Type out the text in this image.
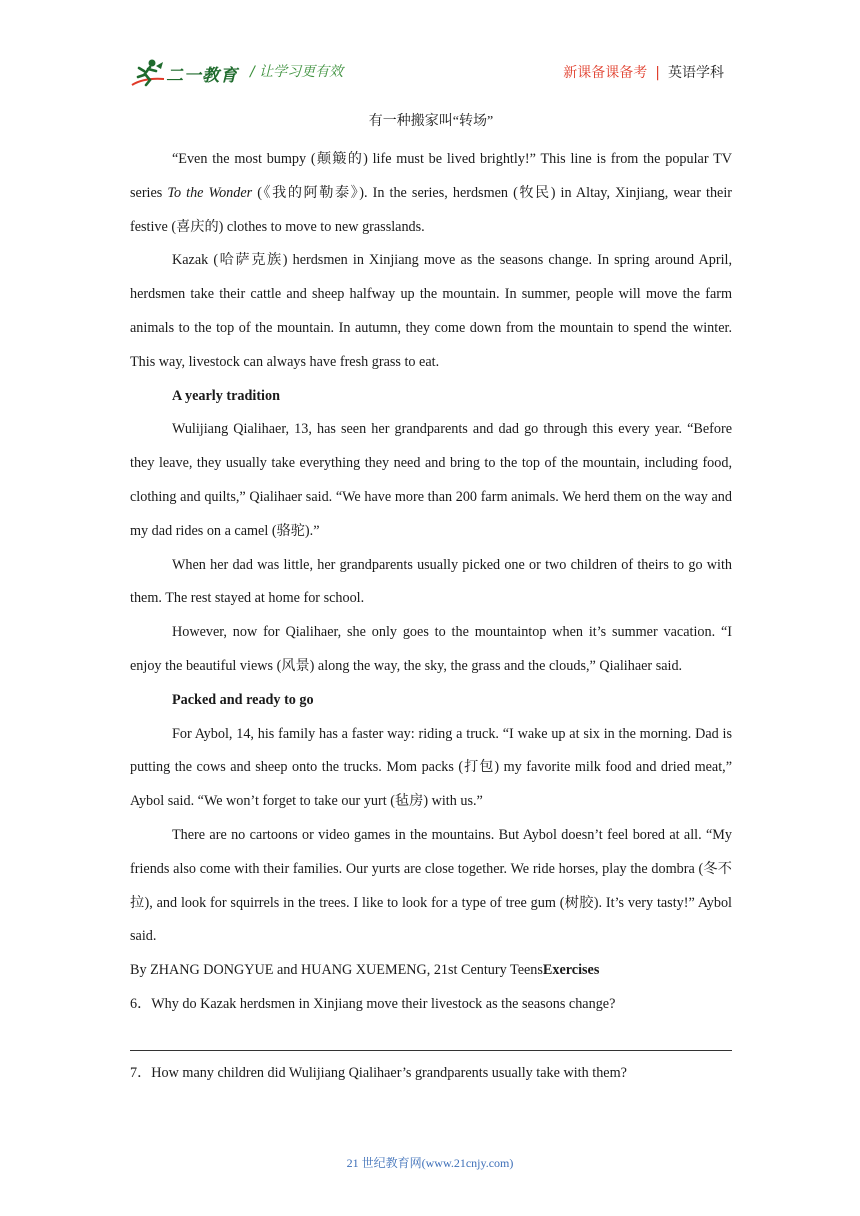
二一教育 / 让学习更有效	新课备课备考 | 英语学科
有一种搬家叫“转场”

“Even the most bumpy (颠簸的) life must be lived brightly!” This line is from the popular TV series To the Wonder (《我的阿勒泰》). In the series, herdsmen (牧民) in Altay, Xinjiang, wear their festive (喜庆的) clothes to move to new grasslands.

Kazak (哈萨克族) herdsmen in Xinjiang move as the seasons change. In spring around April, herdsmen take their cattle and sheep halfway up the mountain. In summer, people will move the farm animals to the top of the mountain. In autumn, they come down from the mountain to spend the winter. This way, livestock can always have fresh grass to eat.

A yearly tradition

Wulijiang Qialihaer, 13, has seen her grandparents and dad go through this every year. “Before they leave, they usually take everything they need and bring to the top of the mountain, including food, clothing and quilts,” Qialihaer said. “We have more than 200 farm animals. We herd them on the way and my dad rides on a camel (骆驼).”

When her dad was little, her grandparents usually picked one or two children of theirs to go with them. The rest stayed at home for school.

However, now for Qialihaer, she only goes to the mountaintop when it’s summer vacation. “I enjoy the beautiful views (风景) along the way, the sky, the grass and the clouds,” Qialihaer said.

Packed and ready to go

For Aybol, 14, his family has a faster way: riding a truck. “I wake up at six in the morning. Dad is putting the cows and sheep onto the trucks. Mom packs (打包) my favorite milk food and dried meat,” Aybol said. “We won’t forget to take our yurt (毡房) with us.”

There are no cartoons or video games in the mountains. But Aybol doesn’t feel bored at all. “My friends also come with their families. Our yurts are close together. We ride horses, play the dombra (冬不拉), and look for squirrels in the trees. I like to look for a type of tree gum (树胶). It’s very tasty!” Aybol said.

By ZHANG DONGYUE and HUANG XUEMENG, 21st Century TeensExercises

6．Why do Kazak herdsmen in Xinjiang move their livestock as the seasons change?

7．How many children did Wulijiang Qialihaer’s grandparents usually take with them?

21 世纪教育网(www.21cnjy.com)
